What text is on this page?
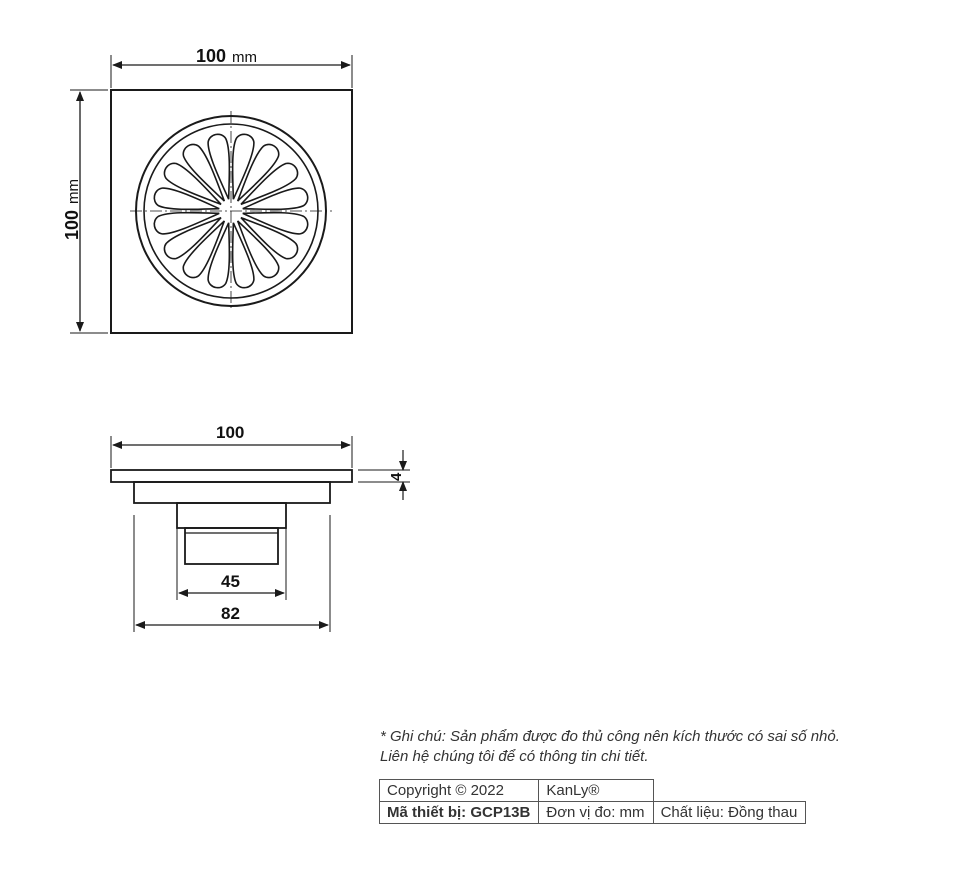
100 mm
100
mm
100
4
45
82
* Ghi chú: Sản phẩm được đo thủ công nên kích thước có sai số nhỏ.
Liên hệ chúng tôi để có thông tin chi tiết.
Copyright © 2022	KanLy®	
Mã thiết bị: GCP13B	Đơn vị đo: mm	Chất liệu: Đồng thau
